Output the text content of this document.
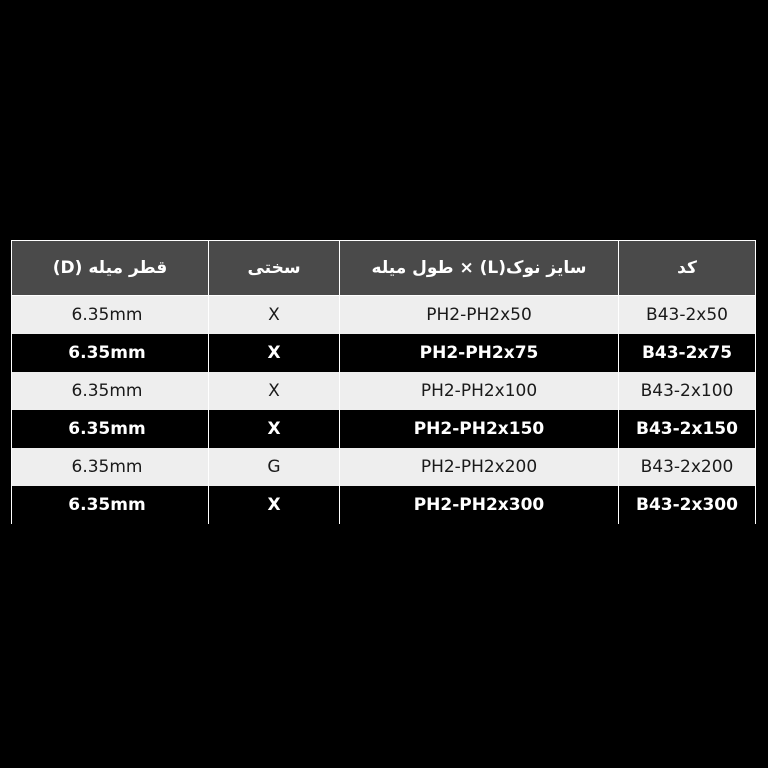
کد	سایز نوک(L) × طول میله	سختی	قطر میله (D)
B43-2x50	PH2-PH2x50	X	6.35mm
B43-2x75	PH2-PH2x75	X	6.35mm
B43-2x100	PH2-PH2x100	X	6.35mm
B43-2x150	PH2-PH2x150	X	6.35mm
B43-2x200	PH2-PH2x200	G	6.35mm
B43-2x300	PH2-PH2x300	X	6.35mm
